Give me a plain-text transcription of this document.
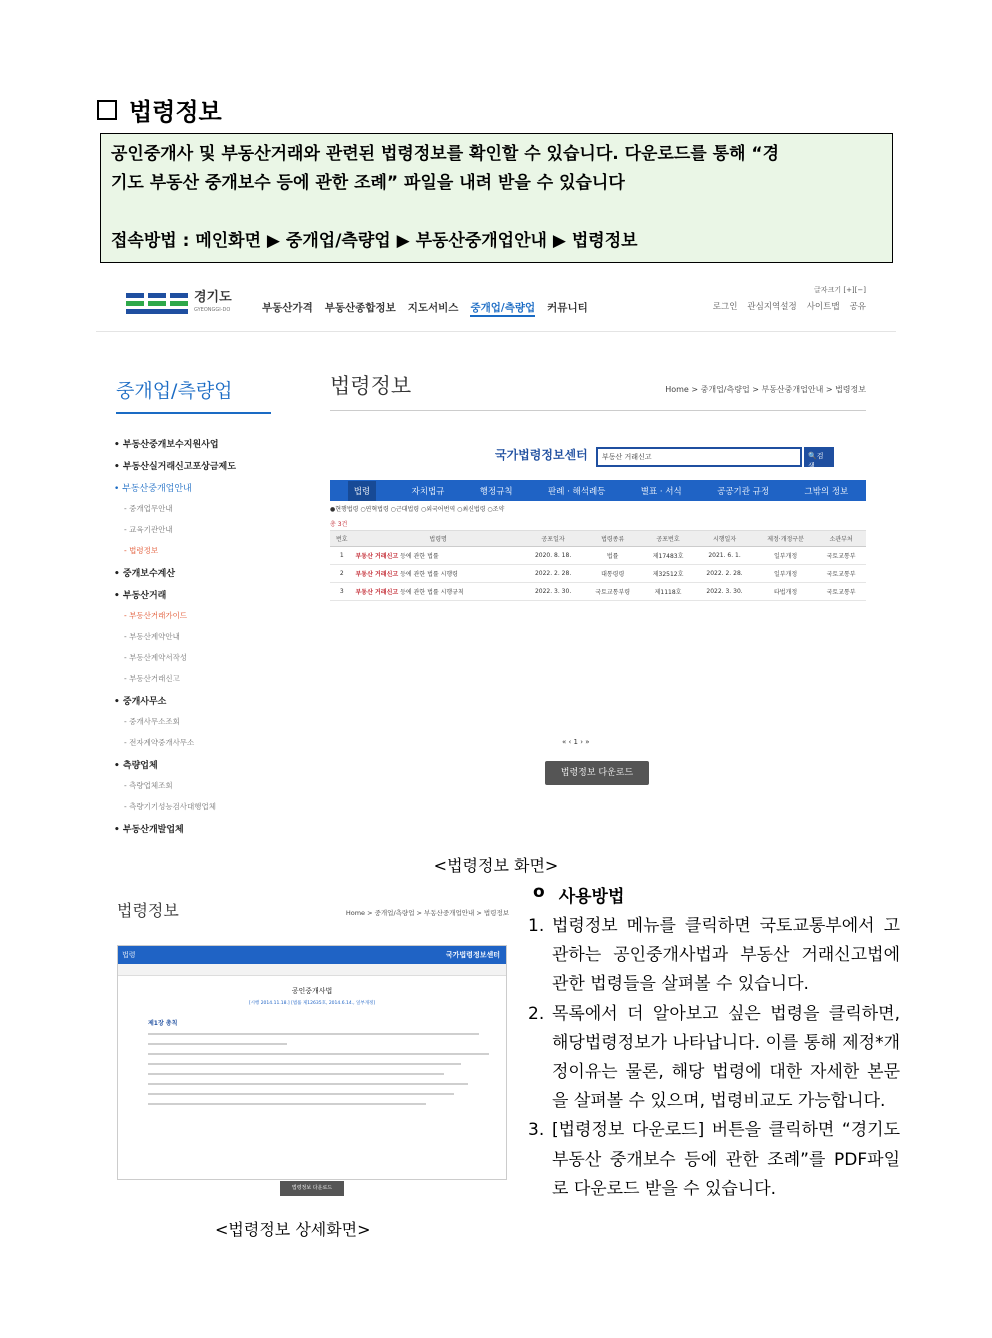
법령정보

공인중개사 및 부동산거래와 관련된 법령정보를 확인할 수 있습니다. 다운로드를 통해 “경

기도 부동산 중개보수 등에 관한 조례” 파일을 내려 받을 수 있습니다

접속방법 : 메인화면 ▶ 중개업/측량업 ▶ 부동산중개업안내 ▶ 법령정보

경기도
GYEONGGI-DO	부동산가격 부동산종합정보 지도서비스 중개업/측량업 커뮤니티
글자크기 [+][−]
로그인 관심지역설정 사이트맵 공유
중개업/측량업
• 부동산중개보수지원사업
• 부동산실거래신고포상금제도
• 부동산중개업안내
- 중개업무안내
- 교육기관안내
- 법령정보
• 중개보수계산
• 부동산거래
- 부동산거래가이드
- 부동산계약안내
- 부동산계약서작성
- 부동산거래신고
• 중개사무소
- 중개사무소조회
- 전자계약중개사무소
• 측량업체
- 측량업체조회
- 측량기기성능검사대행업체
• 부동산개발업체
법령정보	Home > 중개업/측량업 > 부동산중개업안내 > 법령정보
국가법령정보센터	부동산 거래신고	🔍검색
법령	자치법규	행정규칙	판례 · 해석례등	별표 · 서식	공공기관 규정	그밖의 정보
●현행법령 ○연혁법령 ○근대법령 ○외국어번역 ○최신법령 ○조약
총 3건
번호	법령명	공포일자	법령종류	공포번호	시행일자	제정·개정구분	소관부처
1	부동산 거래신고 등에 관한 법률	2020. 8. 18.	법률	제17483호	2021. 6. 1.	일부개정	국토교통부
2	부동산 거래신고 등에 관한 법률 시행령	2022. 2. 28.	대통령령	제32512호	2022. 2. 28.	일부개정	국토교통부
3	부동산 거래신고 등에 관한 법률 시행규칙	2022. 3. 30.	국토교통부령	제1118호	2022. 3. 30.	타법개정	국토교통부
« ‹ 1 › »
법령정보 다운로드
<법령정보 화면>
법령정보	Home > 중개업/측량업 > 부동산중개업안내 > 법령정보
법령	국가법령정보센터
공인중개사법
[시행 2014.11.18.] [법률 제12635호, 2014.6.14., 일부개정]
제1장 총칙
법령정보 다운로드
<법령정보 상세화면>
o 사용방법
1. 법령정보 메뉴를 클릭하면 국토교통부에서 고관하는 공인중개사법과 부동산 거래신고법에 관한 법령들을 살펴볼 수 있습니다.
2. 목록에서 더 알아보고 싶은 법령을 클릭하면, 해당법령정보가 나타납니다. 이를 통해 제정*개정이유는 물론, 해당 법령에 대한 자세한 본문을 살펴볼 수 있으며, 법령비교도 가능합니다.
3. [법령정보 다운로드] 버튼을 클릭하면 “경기도 부동산 중개보수 등에 관한 조례”를 PDF파일로 다운로드 받을 수 있습니다.
